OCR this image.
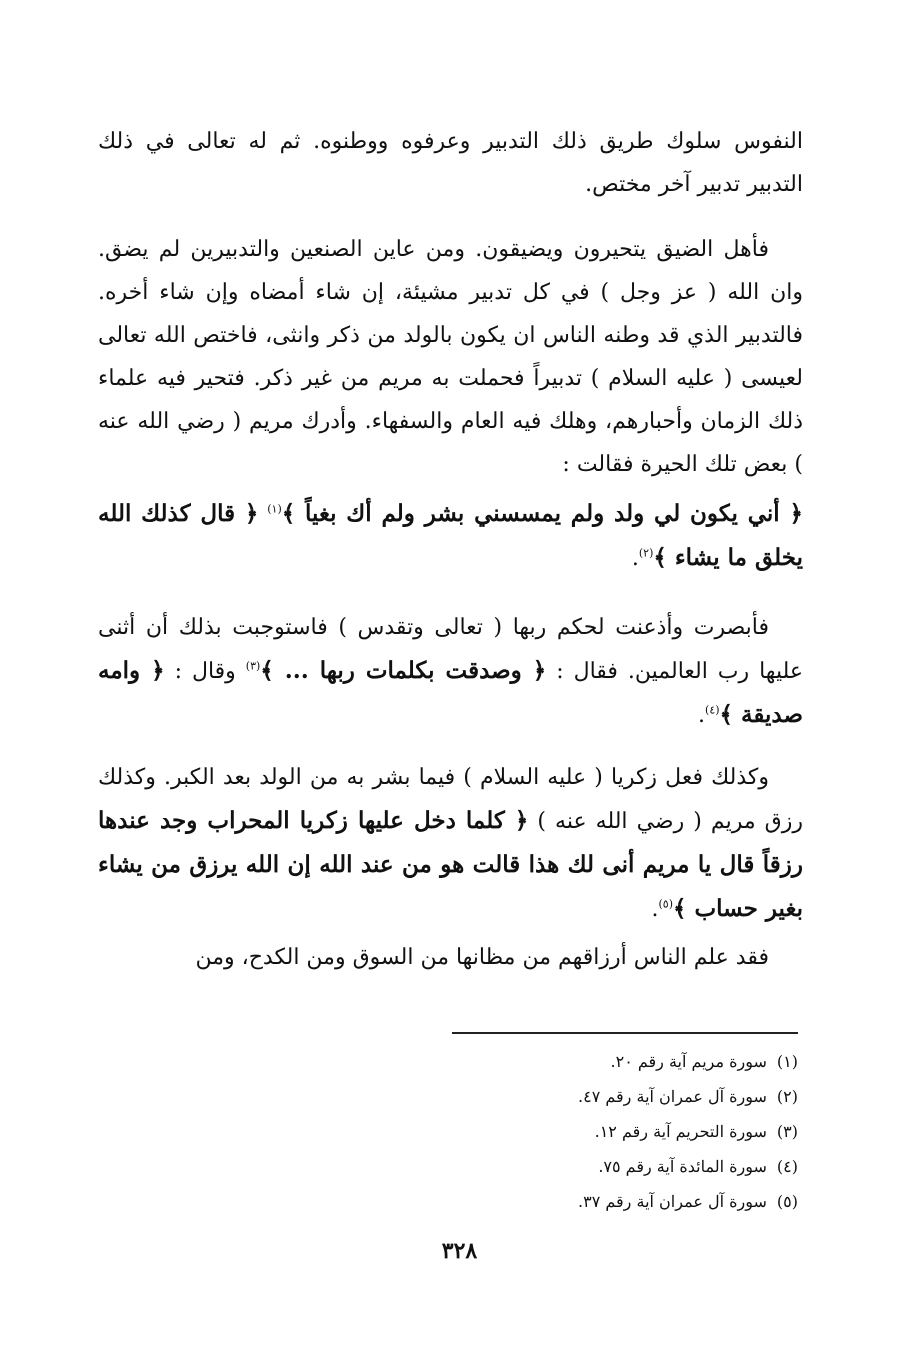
النفوس سلوك طريق ذلك التدبير وعرفوه ووطنوه. ثم له تعالى في ذلك التدبير تدبير آخر مختص.

فأهل الضيق يتحيرون ويضيقون. ومن عاين الصنعين والتدبيرين لم يضق. وان الله ( عز وجل ) في كل تدبير مشيئة، إن شاء أمضاه وإن شاء أخره. فالتدبير الذي قد وطنه الناس ان يكون بالولد من ذكر وانثى، فاختص الله تعالى لعيسى ( عليه السلام ) تدبيراً فحملت به مريم من غير ذكر. فتحير فيه علماء ذلك الزمان وأحبارهم، وهلك فيه العام والسفهاء. وأدرك مريم ( رضي الله عنه ) بعض تلك الحيرة فقالت :

﴿ أني يكون لي ولد ولم يمسسني بشر ولم أك بغياً ﴾$^{(١)}$ ﴿ قال كذلك الله يخلق ما يشاء ﴾$^{(٢)}$.

فأبصرت وأذعنت لحكم ربها ( تعالى وتقدس ) فاستوجبت بذلك أن أثنى عليها رب العالمين. فقال : ﴿ وصدقت بكلمات ربها ... ﴾$^{(٣)}$ وقال : ﴿ وامه صديقة ﴾$^{(٤)}$.

وكذلك فعل زكريا ( عليه السلام ) فيما بشر به من الولد بعد الكبر. وكذلك رزق مريم ( رضي الله عنه ) ﴿ كلما دخل عليها زكريا المحراب وجد عندها رزقاً قال يا مريم أنى لك هذا قالت هو من عند الله إن الله يرزق من يشاء بغير حساب ﴾$^{(٥)}$.

فقد علم الناس أرزاقهم من مظانها من السوق ومن الكدح، ومن

(١)سورة مريم آية رقم ٢٠.
(٢)سورة آل عمران آية رقم ٤٧.
(٣)سورة التحريم آية رقم ١٢.
(٤)سورة المائدة آية رقم ٧٥.
(٥)سورة آل عمران آية رقم ٣٧.
٣٢٨
